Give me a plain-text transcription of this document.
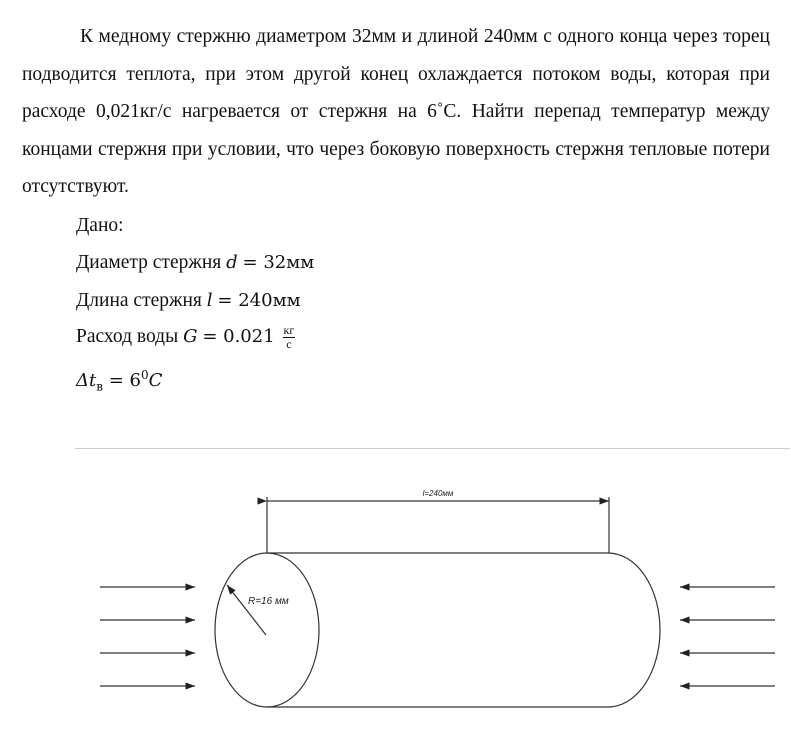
К медному стержню диаметром 32мм и длиной 240мм с одного конца через торец подводится теплота, при этом другой конец охлаждается потоком воды, которая при расходе 0,021кг/с нагревается от стержня на 6˚С. Найти перепад температур между концами стержня при условии, что через боковую поверхность стержня тепловые потери отсутствуют.

Дано:
Диаметр стержня d = 32мм
Длина стержня l = 240мм
Расход воды $G = 0.021 \frac{кг}{с}$
$\Delta t_в = 6^0C$
l=240мм
R=16 мм
